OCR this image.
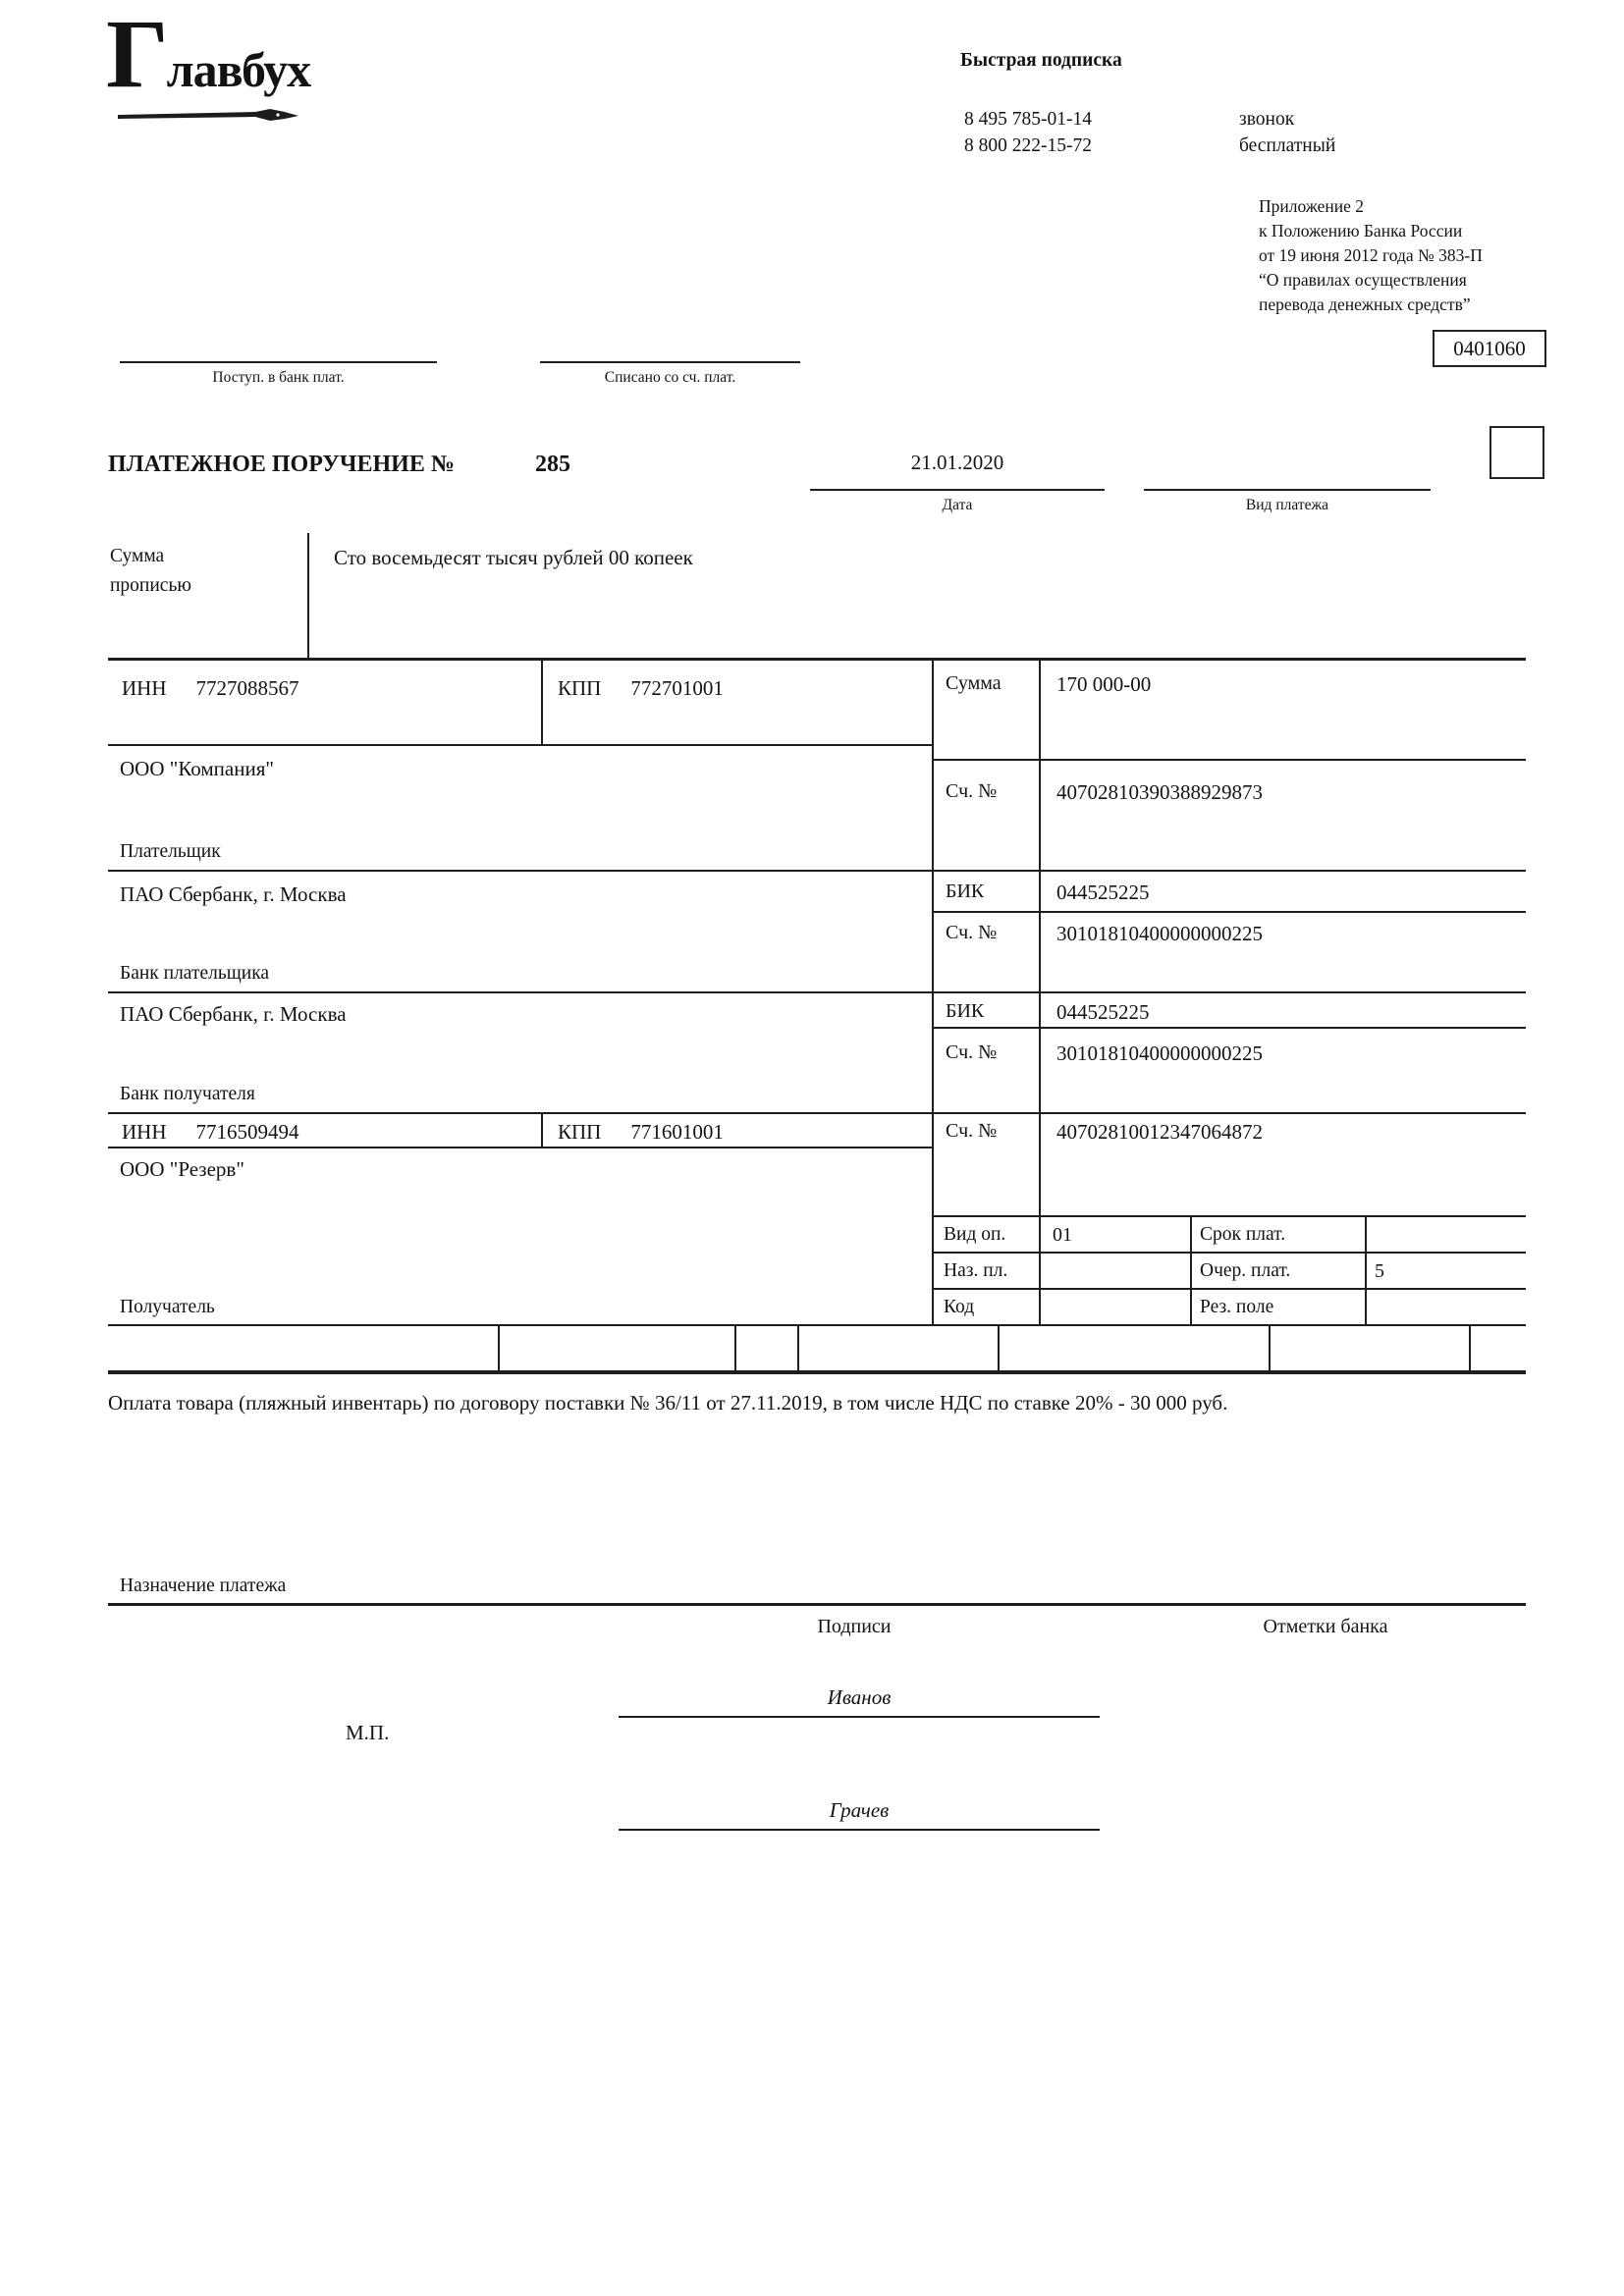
Г лавбух	Быстрая подписка
8 495 785-01-14
8 800 222-15-72
звонок
бесплатный
Приложение 2
к Положению Банка России
от 19 июня 2012 года № 383-П
“О правилах осуществления
перевода денежных средств”
0401060
Поступ. в банк плат.	Списано со сч. плат.
ПЛАТЕЖНОЕ ПОРУЧЕНИЕ №	285	21.01.2020
Дата	Вид платежа
Сумма
прописью
Сто восемьдесят тысяч рублей 00 копеек
ИНН 7727088567	КПП 772701001	Сумма	170 000-00
ООО "Компания"
Сч. №	40702810390388929873
Плательщик
ПАО Сбербанк, г. Москва	БИК	044525225
Сч. №	30101810400000000225
Банк плательщика
ПАО Сбербанк, г. Москва	БИК	044525225
Сч. №	30101810400000000225
Банк получателя
ИНН 7716509494	КПП 771601001	Сч. №	40702810012347064872
ООО "Резерв"
Получатель
Вид оп. 01	Срок плат.
Наз. пл.	Очер. плат.	5
Код	Рез. поле
Оплата товара (пляжный инвентарь) по договору поставки № 36/11 от 27.11.2019, в том числе НДС по ставке 20% - 30 000 руб.
Назначение платежа
Подписи	Отметки банка
Иванов
М.П.
Грачев
